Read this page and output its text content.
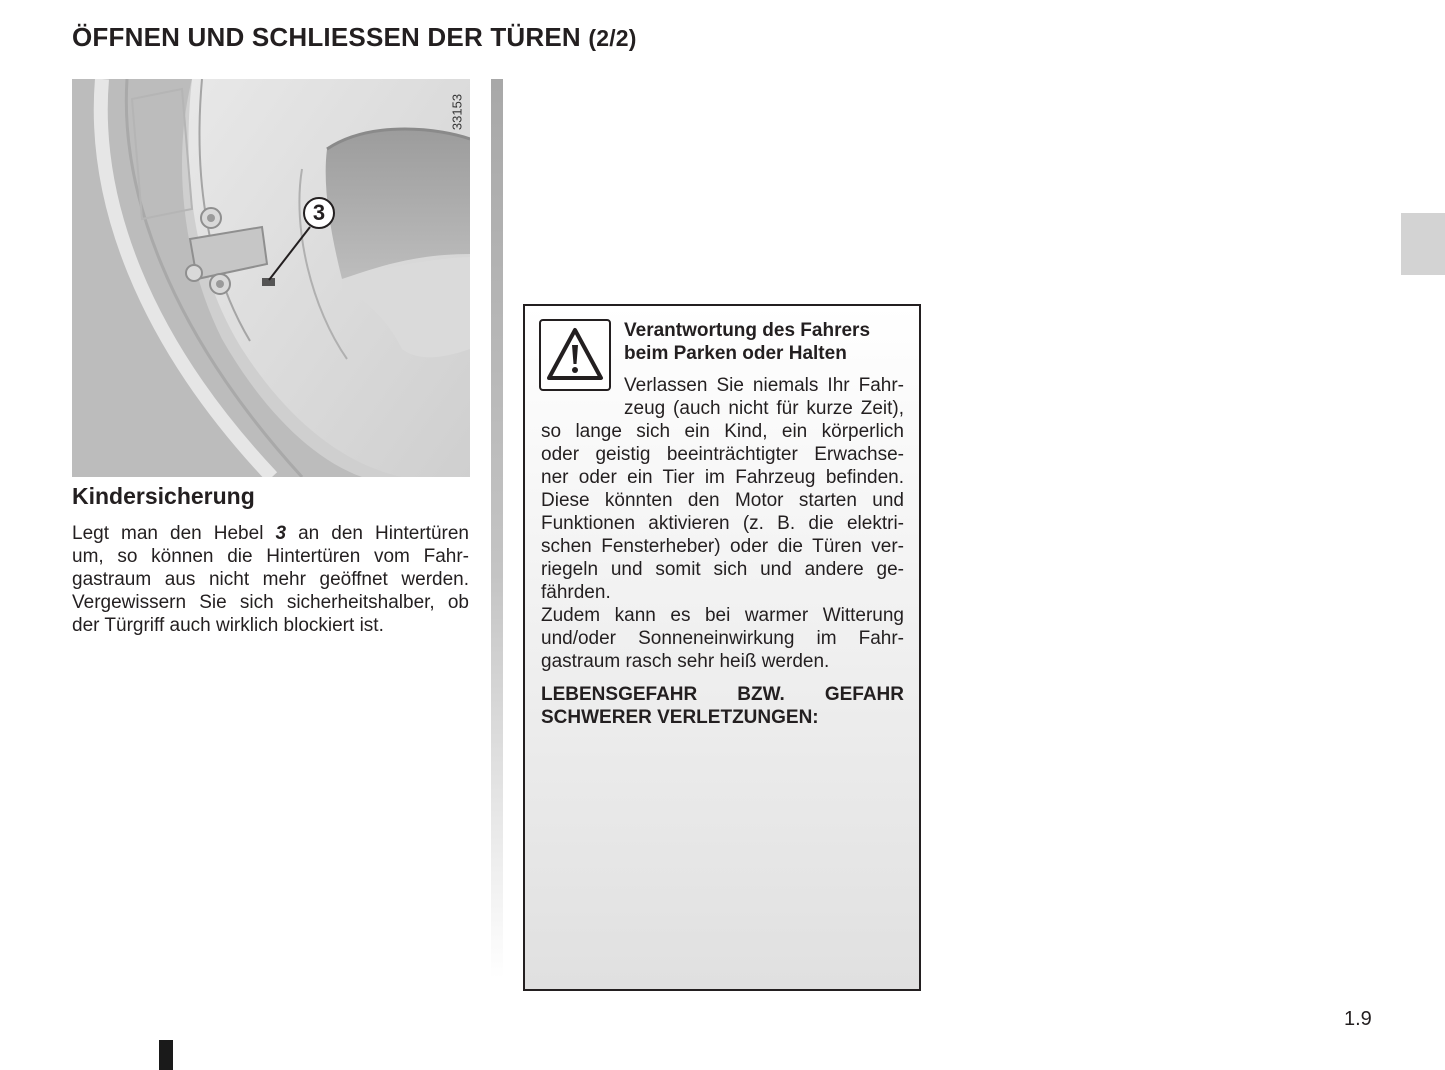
ÖFFNEN UND SCHLIESSEN DER TÜREN (2/2)
33153
3
Kindersicherung
Legt man den Hebel 3 an den Hintertüren
um, so können die Hintertüren vom Fahr-
gastraum aus nicht mehr geöffnet werden.
Vergewissern Sie sich sicherheitshalber, ob
der Türgriff auch wirklich blockiert ist.
Verantwortung des Fahrers
beim Parken oder Halten
Verlassen Sie niemals Ihr Fahr-
zeug (auch nicht für kurze Zeit),
so lange sich ein Kind, ein körperlich
oder geistig beeinträchtigter Erwachse-
ner oder ein Tier im Fahrzeug befinden.
Diese könnten den Motor starten und
Funktionen aktivieren (z. B. die elektri-
schen Fensterheber) oder die Türen ver-
riegeln und somit sich und andere ge-
fährden.
Zudem kann es bei warmer Witterung
und/oder Sonneneinwirkung im Fahr-
gastraum rasch sehr heiß werden.
LEBENSGEFAHR BZW. GEFAHR
SCHWERER VERLETZUNGEN:
1.9
